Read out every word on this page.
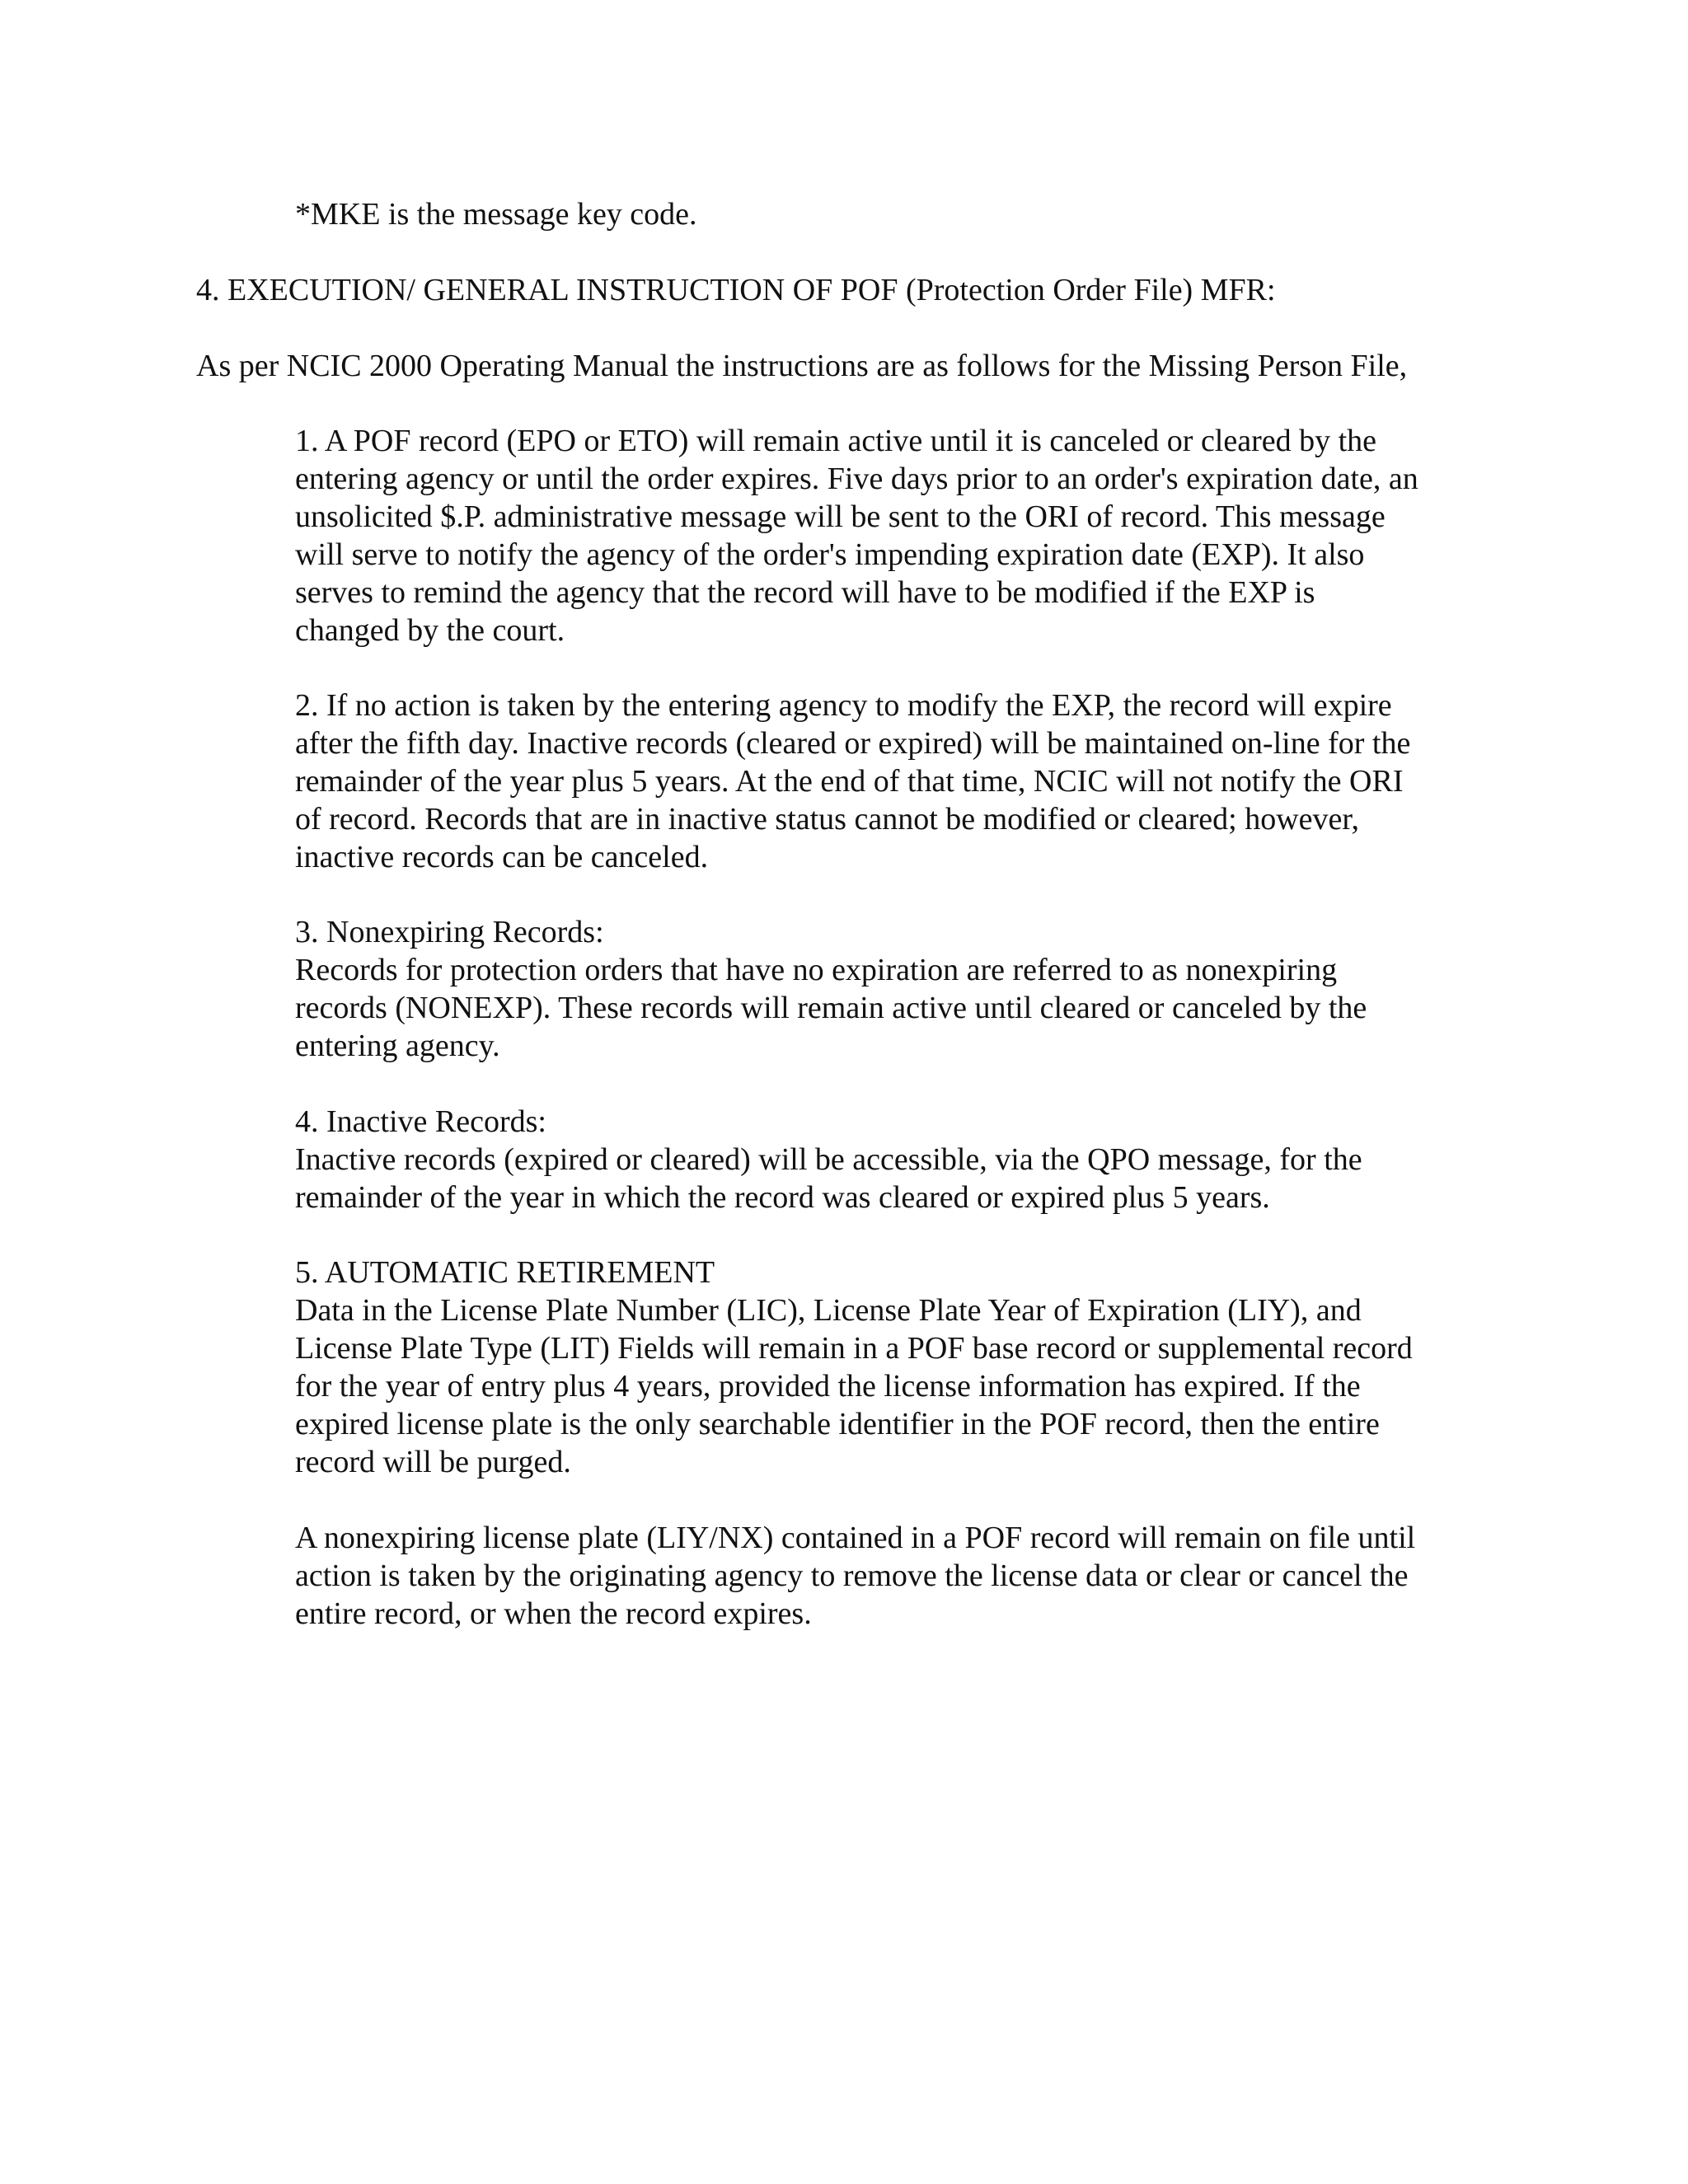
*MKE is the message key code.
4. EXECUTION/ GENERAL INSTRUCTION OF POF (Protection Order File) MFR:
As per NCIC 2000 Operating Manual the instructions are as follows for the Missing Person File,
1. A POF record (EPO or ETO) will remain active until it is canceled or cleared by the
entering agency or until the order expires. Five days prior to an order's expiration date, an
unsolicited $.P. administrative message will be sent to the ORI of record. This message
will serve to notify the agency of the order's impending expiration date (EXP). It also
serves to remind the agency that the record will have to be modified if the EXP is
changed by the court.
2. If no action is taken by the entering agency to modify the EXP, the record will expire
after the fifth day. Inactive records (cleared or expired) will be maintained on-line for the
remainder of the year plus 5 years. At the end of that time, NCIC will not notify the ORI
of record. Records that are in inactive status cannot be modified or cleared; however,
inactive records can be canceled.
3. Nonexpiring Records:
Records for protection orders that have no expiration are referred to as nonexpiring
records (NONEXP). These records will remain active until cleared or canceled by the
entering agency.
4. Inactive Records:
Inactive records (expired or cleared) will be accessible, via the QPO message, for the
remainder of the year in which the record was cleared or expired plus 5 years.
5. AUTOMATIC RETIREMENT
Data in the License Plate Number (LIC), License Plate Year of Expiration (LIY), and
License Plate Type (LIT) Fields will remain in a POF base record or supplemental record
for the year of entry plus 4 years, provided the license information has expired. If the
expired license plate is the only searchable identifier in the POF record, then the entire
record will be purged.
A nonexpiring license plate (LIY/NX) contained in a POF record will remain on file until
action is taken by the originating agency to remove the license data or clear or cancel the
entire record, or when the record expires.
